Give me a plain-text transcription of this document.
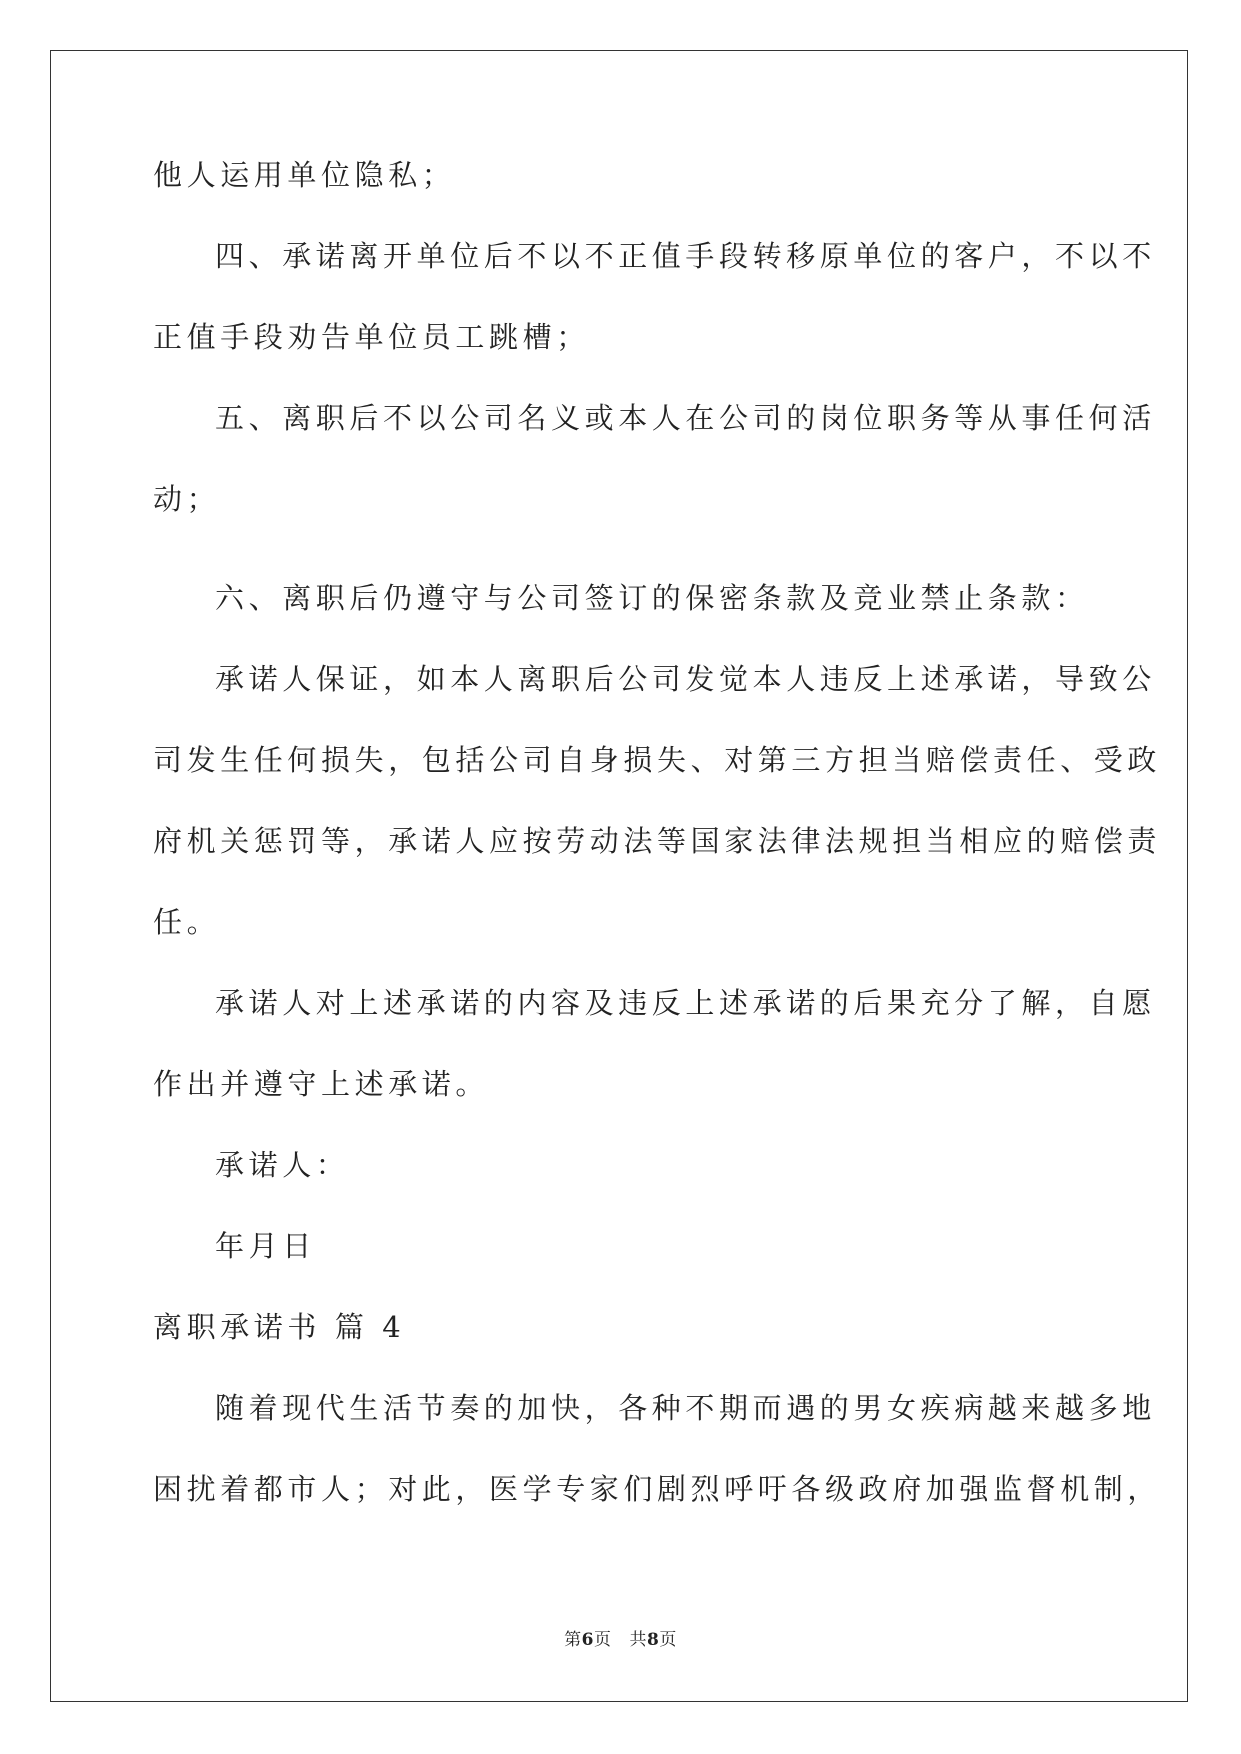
他人运用单位隐私；
四、承诺离开单位后不以不正值手段转移原单位的客户，不以不
正值手段劝告单位员工跳槽；
五、离职后不以公司名义或本人在公司的岗位职务等从事任何活
动；
六、离职后仍遵守与公司签订的保密条款及竞业禁止条款：
承诺人保证，如本人离职后公司发觉本人违反上述承诺，导致公
司发生任何损失，包括公司自身损失、对第三方担当赔偿责任、受政
府机关惩罚等，承诺人应按劳动法等国家法律法规担当相应的赔偿责
任。
承诺人对上述承诺的内容及违反上述承诺的后果充分了解，自愿
作出并遵守上述承诺。
承诺人：
年月日
离职承诺书 篇 4
随着现代生活节奏的加快，各种不期而遇的男女疾病越来越多地
困扰着都市人；对此，医学专家们剧烈呼吁各级政府加强监督机制，
第6页 共8页
